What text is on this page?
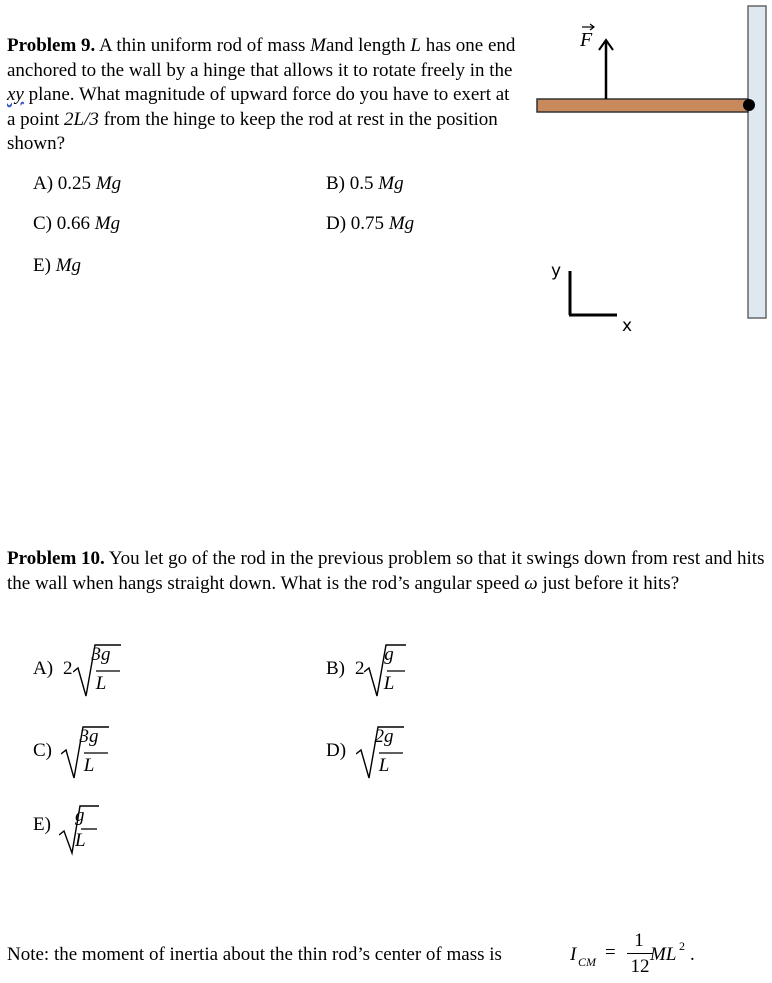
Problem 9. A thin uniform rod of mass Mand length L has one end anchored to the wall by a hinge that allows it to rotate freely in the xy plane. What magnitude of upward force do you have to exert at a point 2L/3 from the hinge to keep the rod at rest in the position shown?
A) 0.25 Mg	B) 0.5 Mg
C) 0.66 Mg	D) 0.75 Mg
E) Mg
F
y
x
Problem 10. You let go of the rod in the previous problem so that it swings down from rest and hits the wall when hangs straight down. What is the rod’s angular speed ω just before it hits?
A) 2
3g
L
B) 2
g
L
C)
3g
L
D)
2g
L
E) g
L
Note: the moment of inertia about the thin rod’s center of mass is	I CM =
1
12
ML 2 .
